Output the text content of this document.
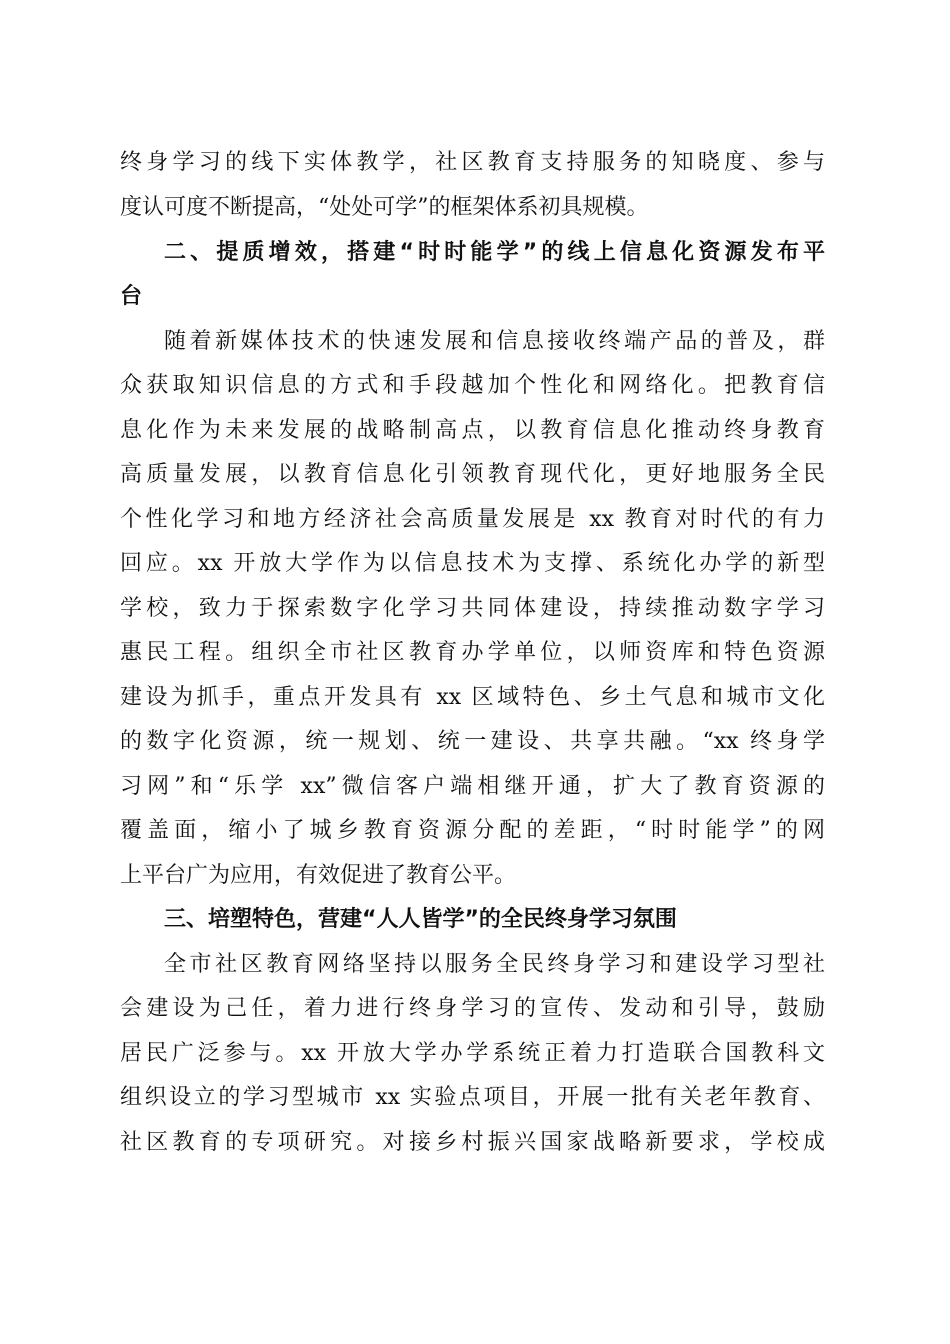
终身学习的线下实体教学，社区教育支持服务的知晓度、参与
度认可度不断提高，“处处可学”的框架体系初具规模。
二、提质增效，搭建“时时能学”的线上信息化资源发布平
台
随着新媒体技术的快速发展和信息接收终端产品的普及，群
众获取知识信息的方式和手段越加个性化和网络化。把教育信
息化作为未来发展的战略制高点，以教育信息化推动终身教育
高质量发展，以教育信息化引领教育现代化，更好地服务全民
个性化学习和地方经济社会高质量发展是 xx 教育对时代的有力
回应。xx 开放大学作为以信息技术为支撑、系统化办学的新型
学校，致力于探索数字化学习共同体建设，持续推动数字学习
惠民工程。组织全市社区教育办学单位，以师资库和特色资源
建设为抓手，重点开发具有 xx 区域特色、乡土气息和城市文化
的数字化资源，统一规划、统一建设、共享共融。“xx 终身学
习网”和“乐学 xx”微信客户端相继开通，扩大了教育资源的
覆盖面，缩小了城乡教育资源分配的差距，“时时能学”的网
上平台广为应用，有效促进了教育公平。
三、培塑特色，营建“人人皆学”的全民终身学习氛围
全市社区教育网络坚持以服务全民终身学习和建设学习型社
会建设为己任，着力进行终身学习的宣传、发动和引导，鼓励
居民广泛参与。xx 开放大学办学系统正着力打造联合国教科文
组织设立的学习型城市 xx 实验点项目，开展一批有关老年教育、
社区教育的专项研究。对接乡村振兴国家战略新要求，学校成
